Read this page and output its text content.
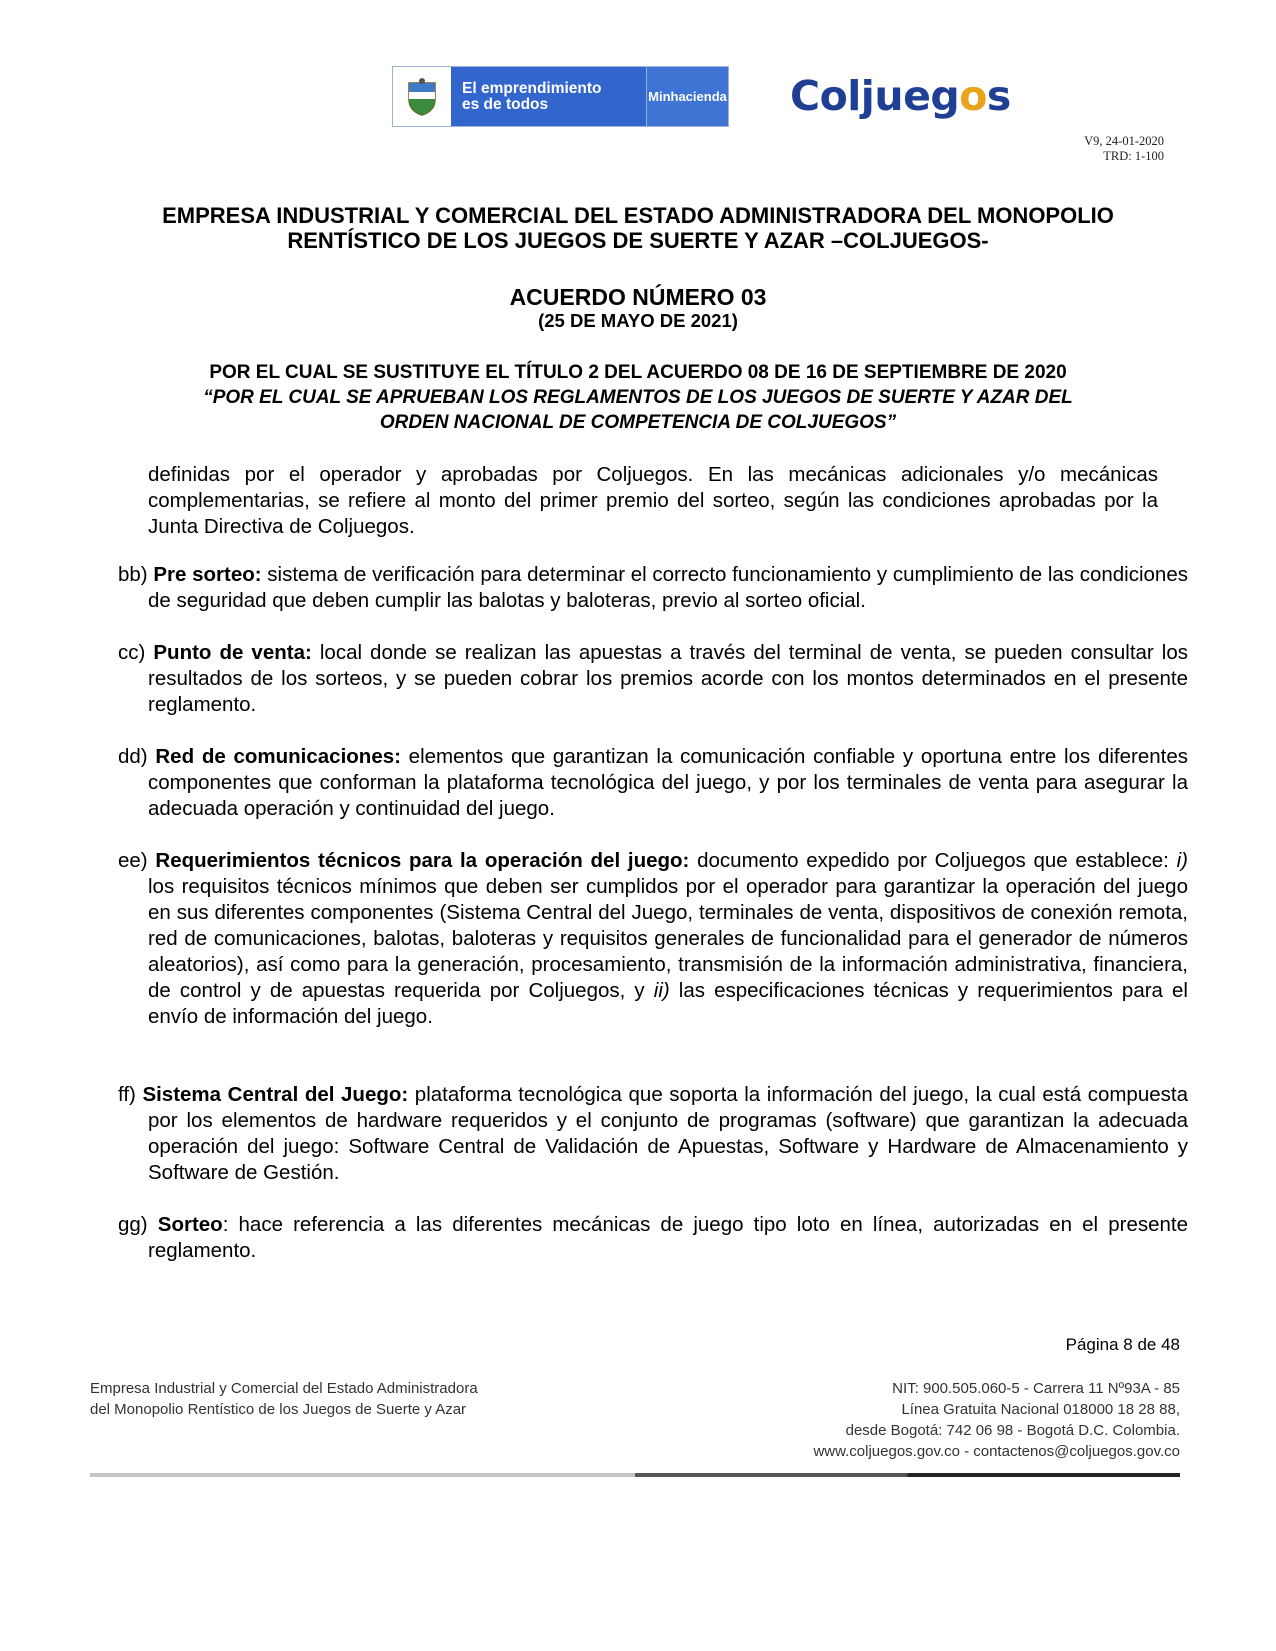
El emprendimiento
es de todos	Minhacienda Coljuegos
V9, 24-01-2020
TRD: 1-100
EMPRESA INDUSTRIAL Y COMERCIAL DEL ESTADO ADMINISTRADORA DEL MONOPOLIO
RENTÍSTICO DE LOS JUEGOS DE SUERTE Y AZAR –COLJUEGOS-
ACUERDO NÚMERO 03
(25 DE MAYO DE 2021)
POR EL CUAL SE SUSTITUYE EL TÍTULO 2 DEL ACUERDO 08 DE 16 DE SEPTIEMBRE DE 2020
“POR EL CUAL SE APRUEBAN LOS REGLAMENTOS DE LOS JUEGOS DE SUERTE Y AZAR DEL
ORDEN NACIONAL DE COMPETENCIA DE COLJUEGOS”
definidas por el operador y aprobadas por Coljuegos. En las mecánicas adicionales y/o mecánicas complementarias, se refiere al monto del primer premio del sorteo, según las condiciones aprobadas por la Junta Directiva de Coljuegos.
bb) Pre sorteo: sistema de verificación para determinar el correcto funcionamiento y cumplimiento de las condiciones de seguridad que deben cumplir las balotas y baloteras, previo al sorteo oficial.
cc) Punto de venta: local donde se realizan las apuestas a través del terminal de venta, se pueden consultar los resultados de los sorteos, y se pueden cobrar los premios acorde con los montos determinados en el presente reglamento.
dd) Red de comunicaciones: elementos que garantizan la comunicación confiable y oportuna entre los diferentes componentes que conforman la plataforma tecnológica del juego, y por los terminales de venta para asegurar la adecuada operación y continuidad del juego.
ee) Requerimientos técnicos para la operación del juego: documento expedido por Coljuegos que establece: i) los requisitos técnicos mínimos que deben ser cumplidos por el operador para garantizar la operación del juego en sus diferentes componentes (Sistema Central del Juego, terminales de venta, dispositivos de conexión remota, red de comunicaciones, balotas, baloteras y requisitos generales de funcionalidad para el generador de números aleatorios), así como para la generación, procesamiento, transmisión de la información administrativa, financiera, de control y de apuestas requerida por Coljuegos, y ii) las especificaciones técnicas y requerimientos para el envío de información del juego.
ff) Sistema Central del Juego: plataforma tecnológica que soporta la información del juego, la cual está compuesta por los elementos de hardware requeridos y el conjunto de programas (software) que garantizan la adecuada operación del juego: Software Central de Validación de Apuestas, Software y Hardware de Almacenamiento y Software de Gestión.
gg) Sorteo: hace referencia a las diferentes mecánicas de juego tipo loto en línea, autorizadas en el presente reglamento.
Página 8 de 48
Empresa Industrial y Comercial del Estado Administradora
del Monopolio Rentístico de los Juegos de Suerte y Azar
NIT: 900.505.060-5 - Carrera 11 Nº93A - 85
Línea Gratuita Nacional 018000 18 28 88,
desde Bogotá: 742 06 98 - Bogotá D.C. Colombia.
www.coljuegos.gov.co - contactenos@coljuegos.gov.co
